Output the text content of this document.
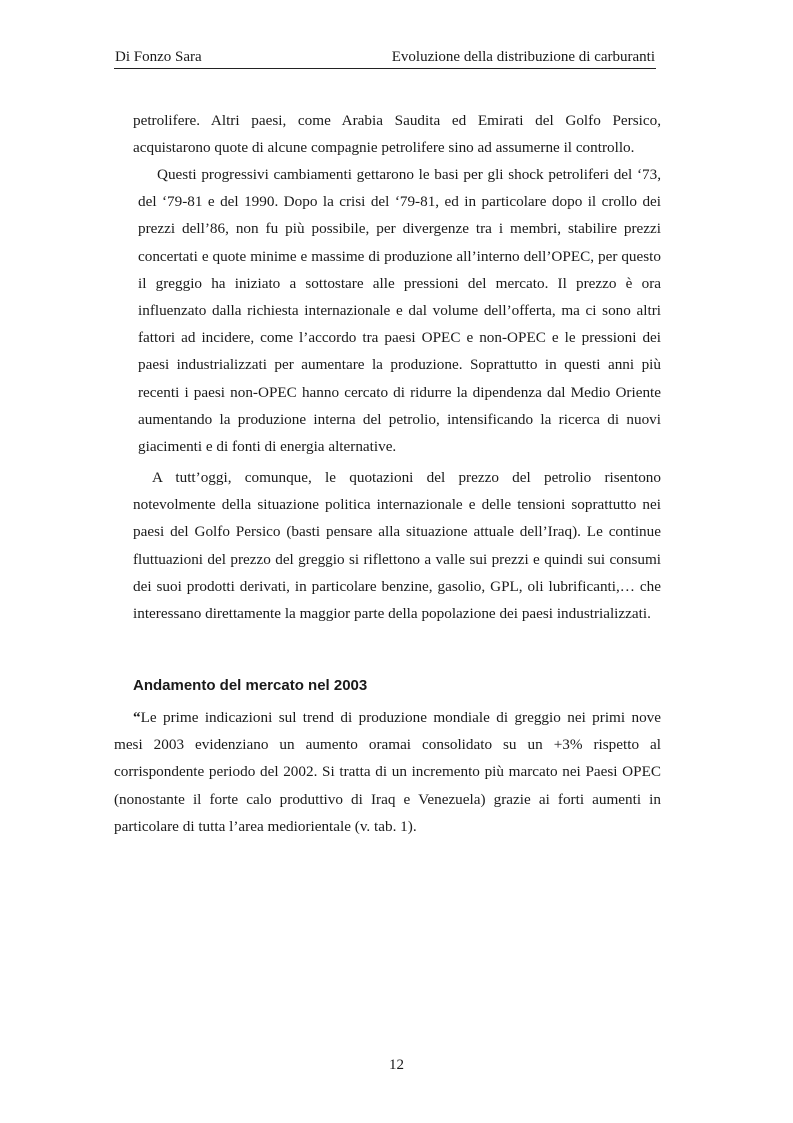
Di Fonzo Sara	Evoluzione della distribuzione di carburanti

petrolifere. Altri paesi, come Arabia Saudita ed Emirati del Golfo Persico, acquistarono quote di alcune compagnie petrolifere sino ad assumerne il controllo.

Questi progressivi cambiamenti gettarono le basi per gli shock petroliferi del ‘73, del ‘79-81 e del 1990. Dopo la crisi del ‘79-81, ed in particolare dopo il crollo dei prezzi dell’86, non fu più possibile, per divergenze tra i membri, stabilire prezzi concertati e quote minime e massime di produzione all’interno dell’OPEC, per questo il greggio ha iniziato a sottostare alle pressioni del mercato. Il prezzo è ora influenzato dalla richiesta internazionale e dal volume dell’offerta, ma ci sono altri fattori ad incidere, come l’accordo tra paesi OPEC e non-OPEC e le pressioni dei paesi industrializzati per aumentare la produzione. Soprattutto in questi anni più recenti i paesi non-OPEC hanno cercato di ridurre la dipendenza dal Medio Oriente aumentando la produzione interna del petrolio, intensificando la ricerca di nuovi giacimenti e di fonti di energia alternative.

A tutt’oggi, comunque, le quotazioni del prezzo del petrolio risentono notevolmente della situazione politica internazionale e delle tensioni soprattutto nei paesi del Golfo Persico (basti pensare alla situazione attuale dell’Iraq). Le continue fluttuazioni del prezzo del greggio si riflettono a valle sui prezzi e quindi sui consumi dei suoi prodotti derivati, in particolare benzine, gasolio, GPL, oli lubrificanti,… che interessano direttamente la maggior parte della popolazione dei paesi industrializzati.

Andamento del mercato nel 2003

“Le prime indicazioni sul trend di produzione mondiale di greggio nei primi nove mesi 2003 evidenziano un aumento oramai consolidato su un +3% rispetto al corrispondente periodo del 2002. Si tratta di un incremento più marcato nei Paesi OPEC (nonostante il forte calo produttivo di Iraq e Venezuela) grazie ai forti aumenti in particolare di tutta l’area mediorientale (v. tab. 1).

12
